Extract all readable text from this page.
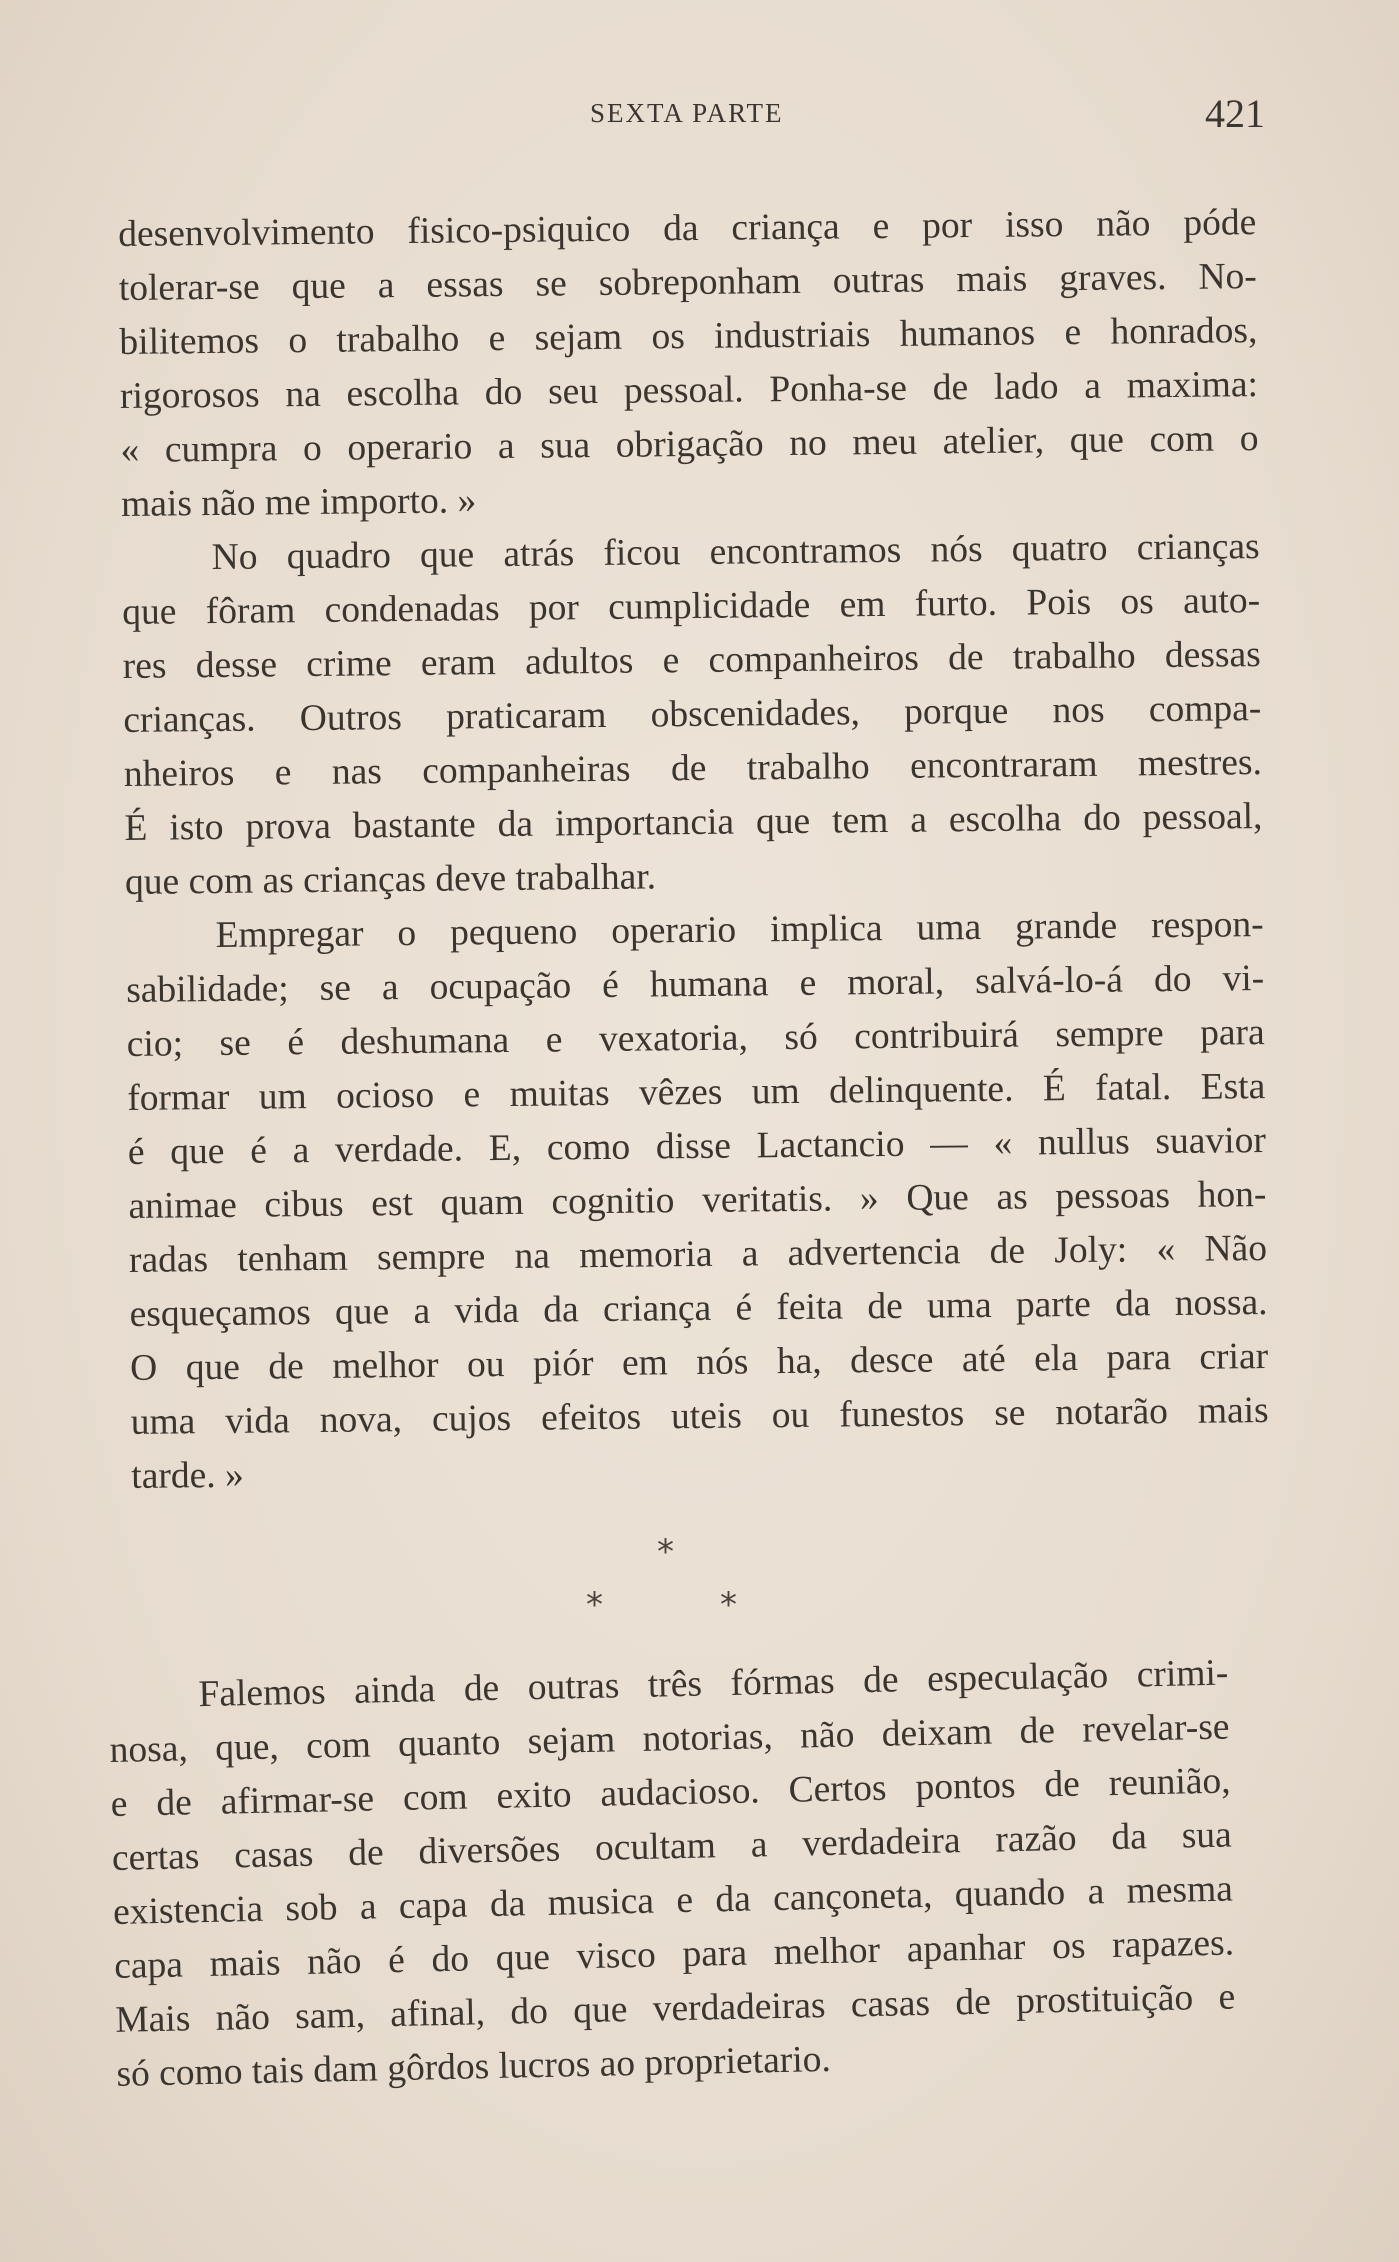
SEXTA PARTE	421
desenvolvimento fisico-psiquico da criança e por isso não póde
tolerar-se que a essas se sobreponham outras mais graves. No-
bilitemos o trabalho e sejam os industriais humanos e honrados,
rigorosos na escolha do seu pessoal. Ponha-se de lado a maxima:
« cumpra o operario a sua obrigação no meu atelier, que com o
mais não me importo. »
No quadro que atrás ficou encontramos nós quatro crianças
que fôram condenadas por cumplicidade em furto. Pois os auto-
res desse crime eram adultos e companheiros de trabalho dessas
crianças. Outros praticaram obscenidades, porque nos compa-
nheiros e nas companheiras de trabalho encontraram mestres.
É isto prova bastante da importancia que tem a escolha do pessoal,
que com as crianças deve trabalhar.
Empregar o pequeno operario implica uma grande respon-
sabilidade; se a ocupação é humana e moral, salvá-lo-á do vi-
cio; se é deshumana e vexatoria, só contribuirá sempre para
formar um ocioso e muitas vêzes um delinquente. É fatal. Esta
é que é a verdade. E, como disse Lactancio — « nullus suavior
animae cibus est quam cognitio veritatis. » Que as pessoas hon-
radas tenham sempre na memoria a advertencia de Joly: « Não
esqueçamos que a vida da criança é feita de uma parte da nossa.
O que de melhor ou piór em nós ha, desce até ela para criar
uma vida nova, cujos efeitos uteis ou funestos se notarão mais
tarde. »
*
*	*
Falemos ainda de outras três fórmas de especulação crimi-
nosa, que, com quanto sejam notorias, não deixam de revelar-se
e de afirmar-se com exito audacioso. Certos pontos de reunião,
certas casas de diversões ocultam a verdadeira razão da sua
existencia sob a capa da musica e da cançoneta, quando a mesma
capa mais não é do que visco para melhor apanhar os rapazes.
Mais não sam, afinal, do que verdadeiras casas de prostituição e
só como tais dam gôrdos lucros ao proprietario.
